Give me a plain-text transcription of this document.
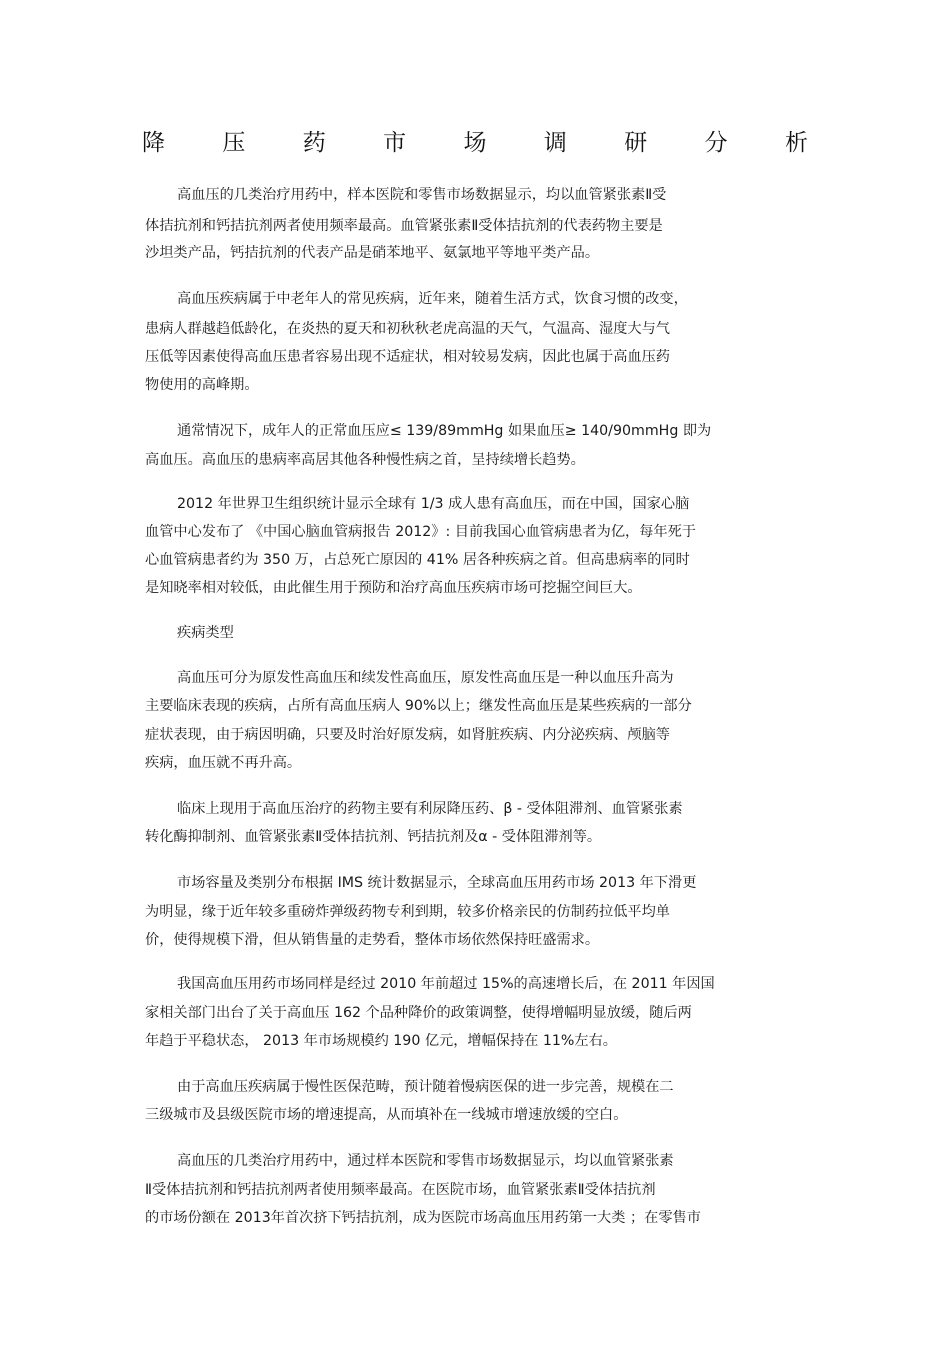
降 压 药 市 场 调 研 分 析
高血压的几类治疗用药中，样本医院和零售市场数据显示，均以血管紧张素Ⅱ受
体拮抗剂和钙拮抗剂两者使用频率最高。血管紧张素Ⅱ受体拮抗剂的代表药物主要是
沙坦类产品，钙拮抗剂的代表产品是硝苯地平、氨氯地平等地平类产品。
高血压疾病属于中老年人的常见疾病，近年来，随着生活方式，饮食习惯的改变，
患病人群越趋低龄化，在炎热的夏天和初秋秋老虎高温的天气，气温高、湿度大与气
压低等因素使得高血压患者容易出现不适症状，相对较易发病，因此也属于高血压药
物使用的高峰期。
通常情况下，成年人的正常血压应≤ 139/89mmHg 如果血压≥ 140/90mmHg 即为
高血压。高血压的患病率高居其他各种慢性病之首，呈持续增长趋势。
2012 年世界卫生组织统计显示全球有 1/3 成人患有高血压，而在中国，国家心脑
血管中心发布了 《中国心脑血管病报告 2012》: 目前我国心血管病患者为亿，每年死于
心血管病患者约为 350 万，占总死亡原因的 41% 居各种疾病之首。但高患病率的同时
是知晓率相对较低，由此催生用于预防和治疗高血压疾病市场可挖掘空间巨大。
疾病类型
高血压可分为原发性高血压和续发性高血压，原发性高血压是一种以血压升高为
主要临床表现的疾病，占所有高血压病人 90%以上；继发性高血压是某些疾病的一部分
症状表现，由于病因明确，只要及时治好原发病，如肾脏疾病、内分泌疾病、颅脑等
疾病，血压就不再升高。
临床上现用于高血压治疗的药物主要有利尿降压药、β - 受体阻滞剂、血管紧张素
转化酶抑制剂、血管紧张素Ⅱ受体拮抗剂、钙拮抗剂及α - 受体阻滞剂等。
市场容量及类别分布根据 IMS 统计数据显示，全球高血压用药市场 2013 年下滑更
为明显，缘于近年较多重磅炸弹级药物专利到期，较多价格亲民的仿制药拉低平均单
价，使得规模下滑，但从销售量的走势看，整体市场依然保持旺盛需求。
我国高血压用药市场同样是经过 2010 年前超过 15%的高速增长后，在 2011 年因国
家相关部门出台了关于高血压 162 个品种降价的政策调整，使得增幅明显放缓，随后两
年趋于平稳状态， 2013 年市场规模约 190 亿元，增幅保持在 11%左右。
由于高血压疾病属于慢性医保范畴，预计随着慢病医保的进一步完善，规模在二
三级城市及县级医院市场的增速提高，从而填补在一线城市增速放缓的空白。
高血压的几类治疗用药中，通过样本医院和零售市场数据显示，均以血管紧张素
Ⅱ受体拮抗剂和钙拮抗剂两者使用频率最高。在医院市场，血管紧张素Ⅱ受体拮抗剂
的市场份额在 2013年首次挤下钙拮抗剂，成为医院市场高血压用药第一大类 ；在零售市
